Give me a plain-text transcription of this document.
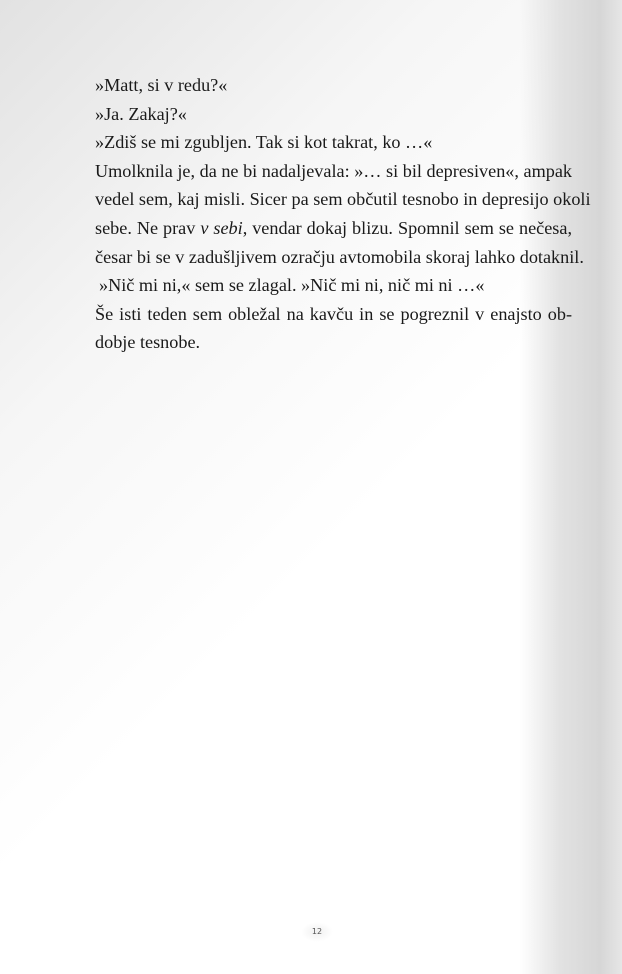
»Matt, si v redu?«
»Ja. Zakaj?«
»Zdiš se mi zgubljen. Tak si kot takrat, ko …«
Umolknila je, da ne bi nadaljevala: »… si bil depresiven«, ampak
vedel sem, kaj misli. Sicer pa sem občutil tesnobo in depresijo okoli
sebe. Ne prav v sebi, vendar dokaj blizu. Spomnil sem se nečesa,
česar bi se v zadušljivem ozračju avtomobila skoraj lahko dotaknil.
»Nič mi ni,« sem se zlagal. »Nič mi ni, nič mi ni …«
Še isti teden sem obležal na kavču in se pogreznil v enajsto ob-
dobje tesnobe.
12
